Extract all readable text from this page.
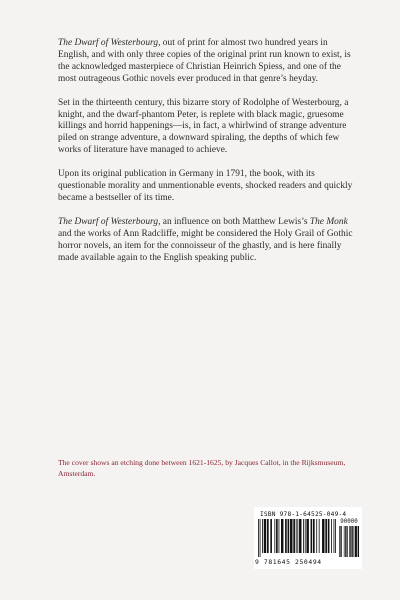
The Dwarf of Westerbourg, out of print for almost two hundred years in English, and with only three copies of the original print run known to exist, is the acknowledged masterpiece of Christian Heinrich Spiess, and one of the most outrageous Gothic novels ever produced in that genre’s heyday.

Set in the thirteenth century, this bizarre story of Rodolphe of Westerbourg, a knight, and the dwarf-phantom Peter, is replete with black magic, gruesome killings and horrid happenings—is, in fact, a whirlwind of strange adventure piled on strange adventure, a downward spiraling, the depths of which few works of literature have managed to achieve.

Upon its original publication in Germany in 1791, the book, with its questionable morality and unmentionable events, shocked readers and quickly became a bestseller of its time.

The Dwarf of Westerbourg, an influence on both Matthew Lewis’s The Monk and the works of Ann Radcliffe, might be considered the Holy Grail of Gothic horror novels, an item for the connoisseur of the ghastly, and is here finally made available again to the English speaking public.

The cover shows an etching done between 1621-1625, by Jacques Callot, in the Rijksmuseum, Amsterdam.
ISBN 978-1-64525-049-4
90000
9 781645 250494
